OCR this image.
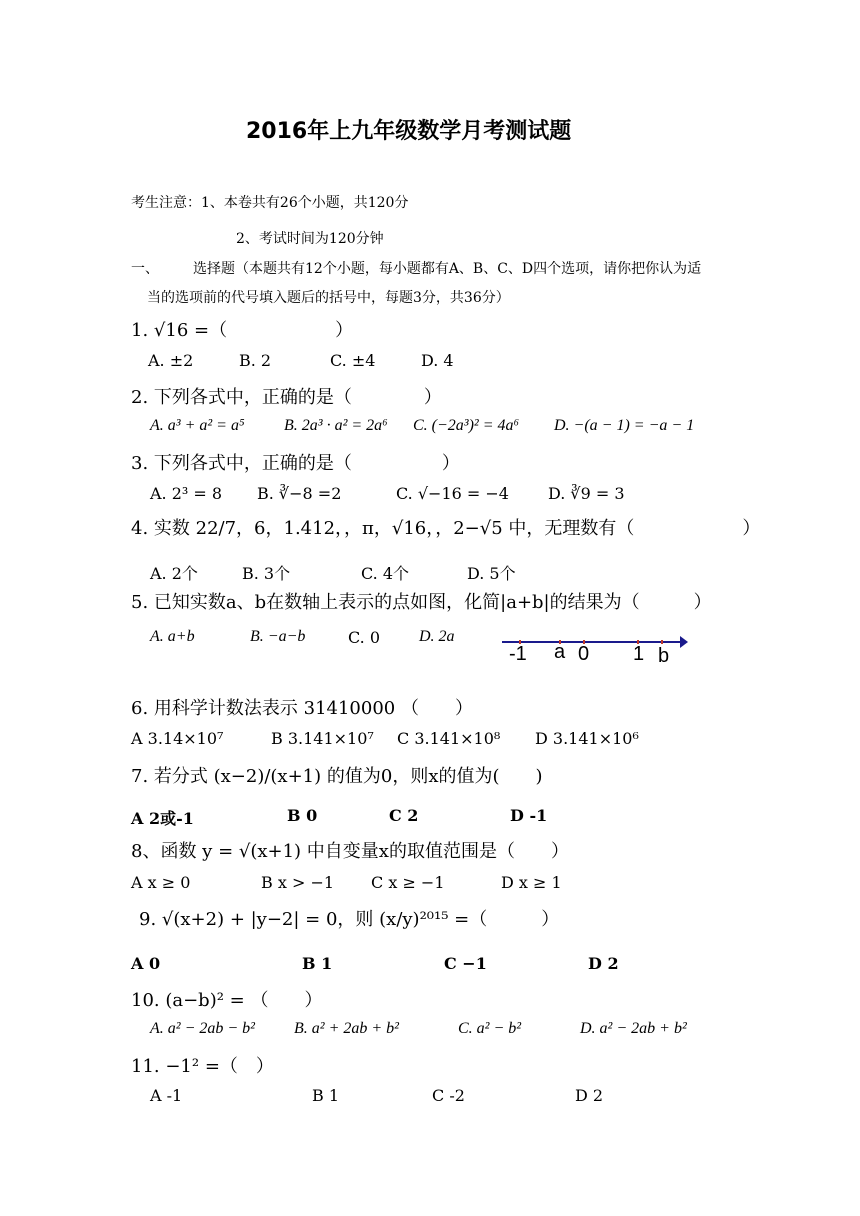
2016年上九年级数学月考测试题
考生注意：1、本卷共有26个小题，共120分
2、考试时间为120分钟
一、 选择题（本题共有12个小题，每小题都有A、B、C、D四个选项，请你把你认为适
当的选项前的代号填入题后的括号中，每题3分，共36分）
1. √16 =（　　　　　　）
A. ±2	B. 2	C. ±4	D. 4
2. 下列各式中，正确的是（　　　　）
A. a³ + a² = a⁵ B. 2a³ · a² = 2a⁶ C. (−2a³)² = 4a⁶ D. −(a − 1) = −a − 1
3. 下列各式中，正确的是（　　　　　）
A. 2³ = 8 B. ∛−8 =2	C. √−16 = −4 D. ∛9 = 3
4. 实数 22/7，6，1.412，，π，√16，，2−√5 中，无理数有（　　　　　　）
A. 2个	B. 3个	C. 4个	D. 5个
5. 已知实数a、b在数轴上表示的点如图，化简|a+b|的结果为（　　　）
A. a+b	B. −a−b	C. 0 D. 2a
-1 a 0 1 b
6. 用科学计数法表示 31410000 （　　）
A 3.14×10⁷	B 3.141×10⁷ C 3.141×10⁸ D 3.141×10⁶
7. 若分式 (x−2)/(x+1) 的值为0，则x的值为(　　)
A 2或-1	B 0	C 2	D -1
8、函数 y = √(x+1) 中自变量x的取值范围是（　　）
A x ≥ 0	B x > −1 C x ≥ −1	D x ≥ 1
9. √(x+2) + |y−2| = 0，则 (x/y)²⁰¹⁵ =（　　　）
A 0	B 1	C −1	D 2
10. (a−b)² = （　　）
A. a² − 2ab − b² B. a² + 2ab + b²	C. a² − b²	D. a² − 2ab + b²
11. −1² =（　）
A -1	B 1	C -2	D 2
